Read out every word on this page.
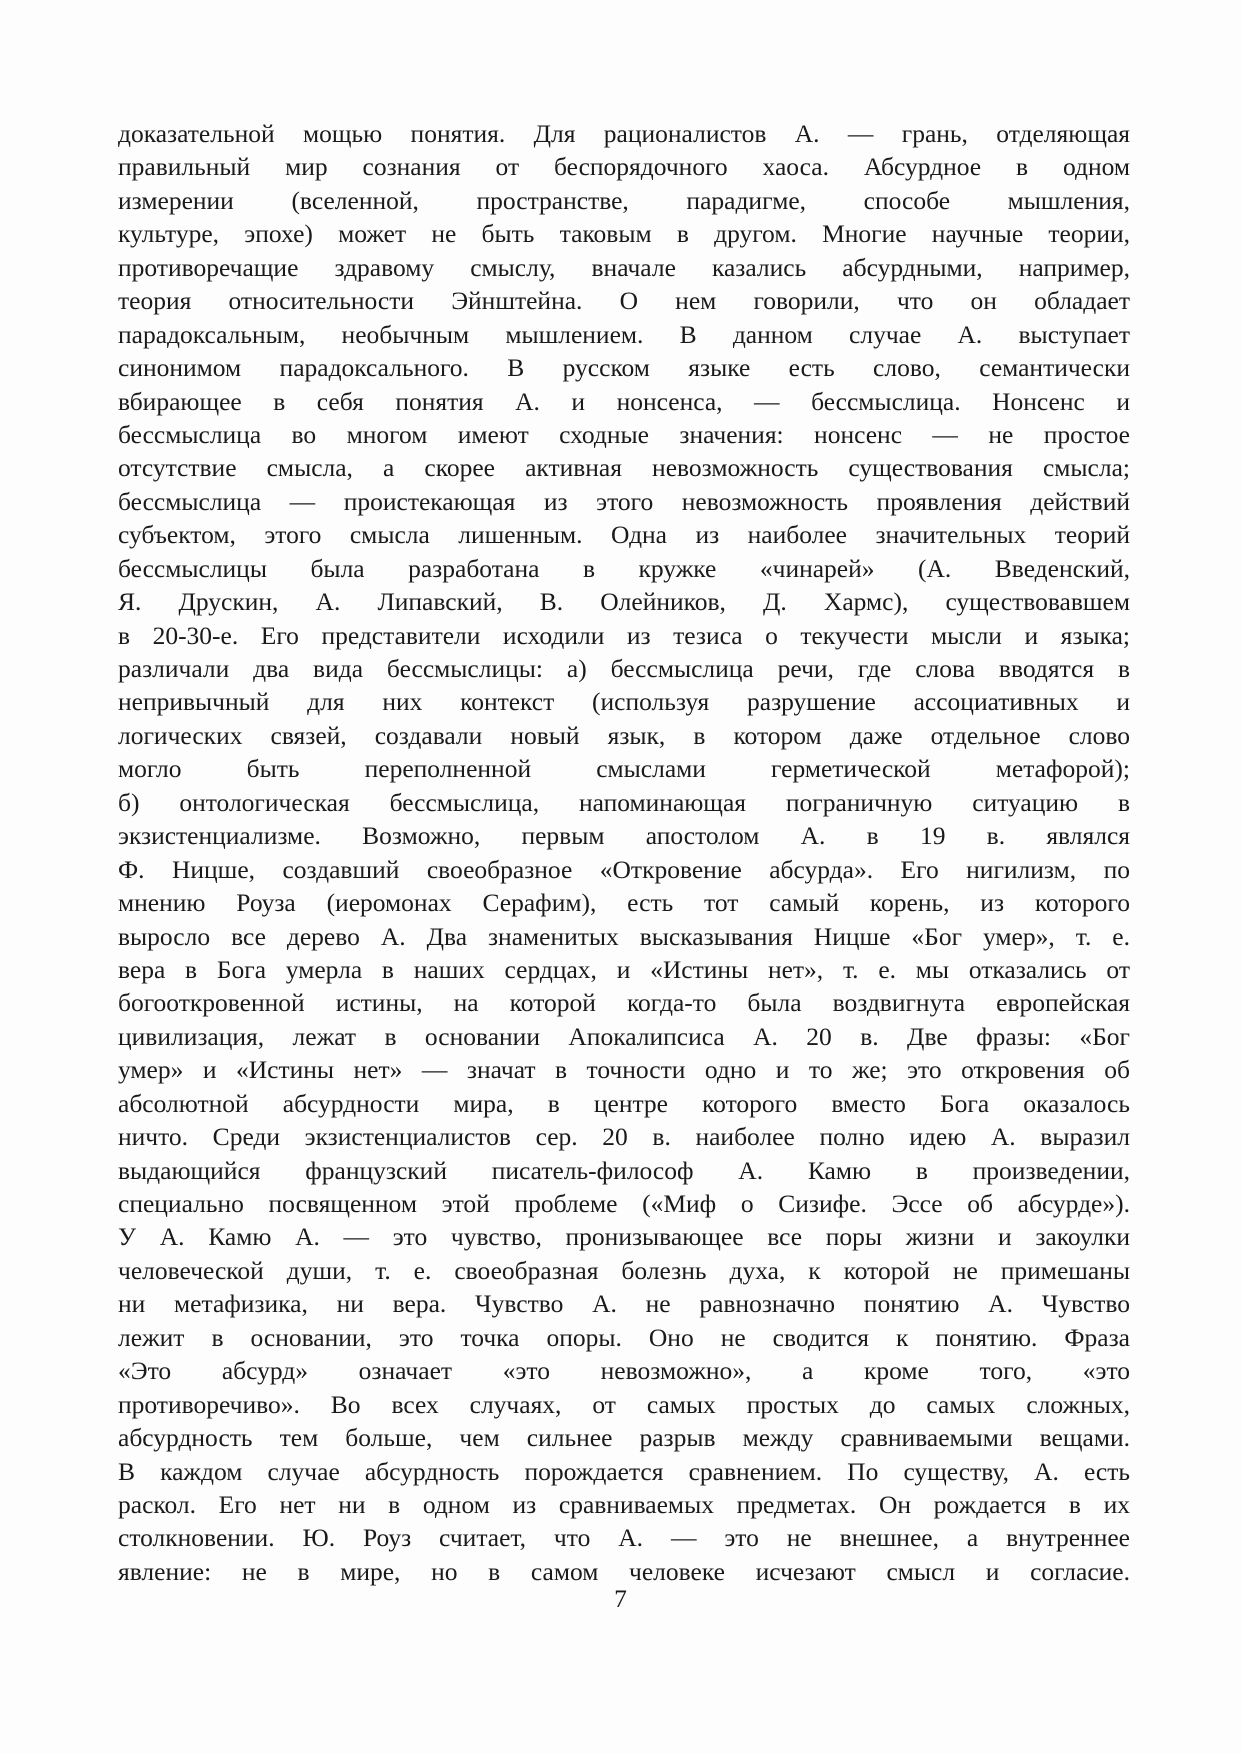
доказательной мощью понятия. Для рационалистов А. — грань, отделяющая
правильный мир сознания от беспорядочного хаоса. Абсурдное в одном
измерении (вселенной, пространстве, парадигме, способе мышления,
культуре, эпохе) может не быть таковым в другом. Многие научные теории,
противоречащие здравому смыслу, вначале казались абсурдными, например,
теория относительности Эйнштейна. О нем говорили, что он обладает
парадоксальным, необычным мышлением. В данном случае А. выступает
синонимом парадоксального. В русском языке есть слово, семантически
вбирающее в себя понятия А. и нонсенса, — бессмыслица. Нонсенс и
бессмыслица во многом имеют сходные значения: нонсенс — не простое
отсутствие смысла, а скорее активная невозможность существования смысла;
бессмыслица — проистекающая из этого невозможность проявления действий
субъектом, этого смысла лишенным. Одна из наиболее значительных теорий
бессмыслицы была разработана в кружке «чинарей» (А. Введенский,
Я. Друскин, А. Липавский, В. Олейников, Д. Хармс), существовавшем
в 20-30-е. Его представители исходили из тезиса о текучести мысли и языка;
различали два вида бессмыслицы: а) бессмыслица речи, где слова вводятся в
непривычный для них контекст (используя разрушение ассоциативных и
логических связей, создавали новый язык, в котором даже отдельное слово
могло быть переполненной смыслами герметической метафорой);
б) онтологическая бессмыслица, напоминающая пограничную ситуацию в
экзистенциализме. Возможно, первым апостолом А. в 19 в. являлся
Ф. Ницше, создавший своеобразное «Откровение абсурда». Его нигилизм, по
мнению Роуза (иеромонах Серафим), есть тот самый корень, из которого
выросло все дерево А. Два знаменитых высказывания Ницше «Бог умер», т. е.
вера в Бога умерла в наших сердцах, и «Истины нет», т. е. мы отказались от
богооткровенной истины, на которой когда-то была воздвигнута европейская
цивилизация, лежат в основании Апокалипсиса А. 20 в. Две фразы: «Бог
умер» и «Истины нет» — значат в точности одно и то же; это откровения об
абсолютной абсурдности мира, в центре которого вместо Бога оказалось
ничто. Среди экзистенциалистов сер. 20 в. наиболее полно идею А. выразил
выдающийся французский писатель-философ А. Камю в произведении,
специально посвященном этой проблеме («Миф о Сизифе. Эссе об абсурде»).
У А. Камю А. — это чувство, пронизывающее все поры жизни и закоулки
человеческой души, т. е. своеобразная болезнь духа, к которой не примешаны
ни метафизика, ни вера. Чувство А. не равнозначно понятию А. Чувство
лежит в основании, это точка опоры. Оно не сводится к понятию. Фраза
«Это абсурд» означает «это невозможно», а кроме того, «это
противоречиво». Во всех случаях, от самых простых до самых сложных,
абсурдность тем больше, чем сильнее разрыв между сравниваемыми вещами.
В каждом случае абсурдность порождается сравнением. По существу, А. есть
раскол. Его нет ни в одном из сравниваемых предметах. Он рождается в их
столкновении. Ю. Роуз считает, что А. — это не внешнее, а внутреннее
явление: не в мире, но в самом человеке исчезают смысл и согласие.
7
